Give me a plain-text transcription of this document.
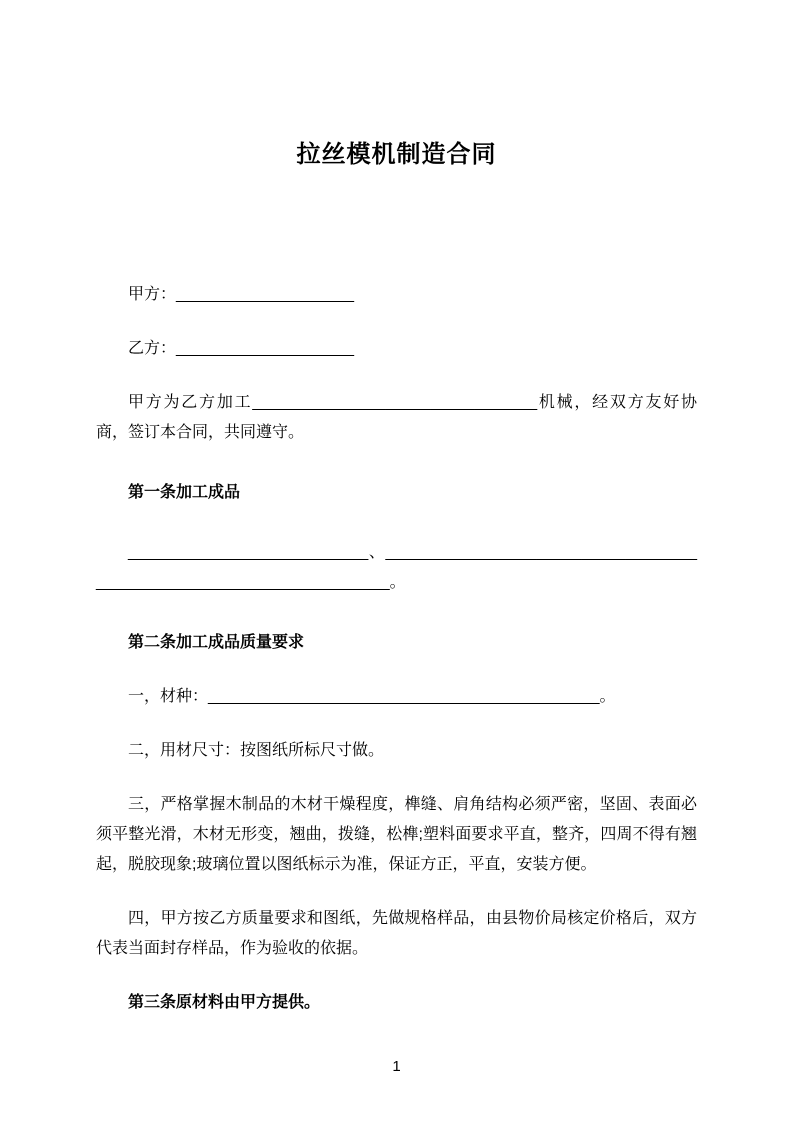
拉丝模机制造合同

甲方：____________________

乙方：____________________

甲方为乙方加工________________________________机械，经双方友好协商，签订本合同，共同遵守。

第一条加工成品

___________________________、____________________________________________________________________。

第二条加工成品质量要求

一，材种：____________________________________________。

二，用材尺寸：按图纸所标尺寸做。

三，严格掌握木制品的木材干燥程度，榫缝、肩角结构必须严密，坚固、表面必须平整光滑，木材无形变，翘曲，拨缝，松榫;塑料面要求平直，整齐，四周不得有翘起，脱胶现象;玻璃位置以图纸标示为准，保证方正，平直，安装方便。

四，甲方按乙方质量要求和图纸，先做规格样品，由县物价局核定价格后，双方代表当面封存样品，作为验收的依据。

第三条原材料由甲方提供。

1
